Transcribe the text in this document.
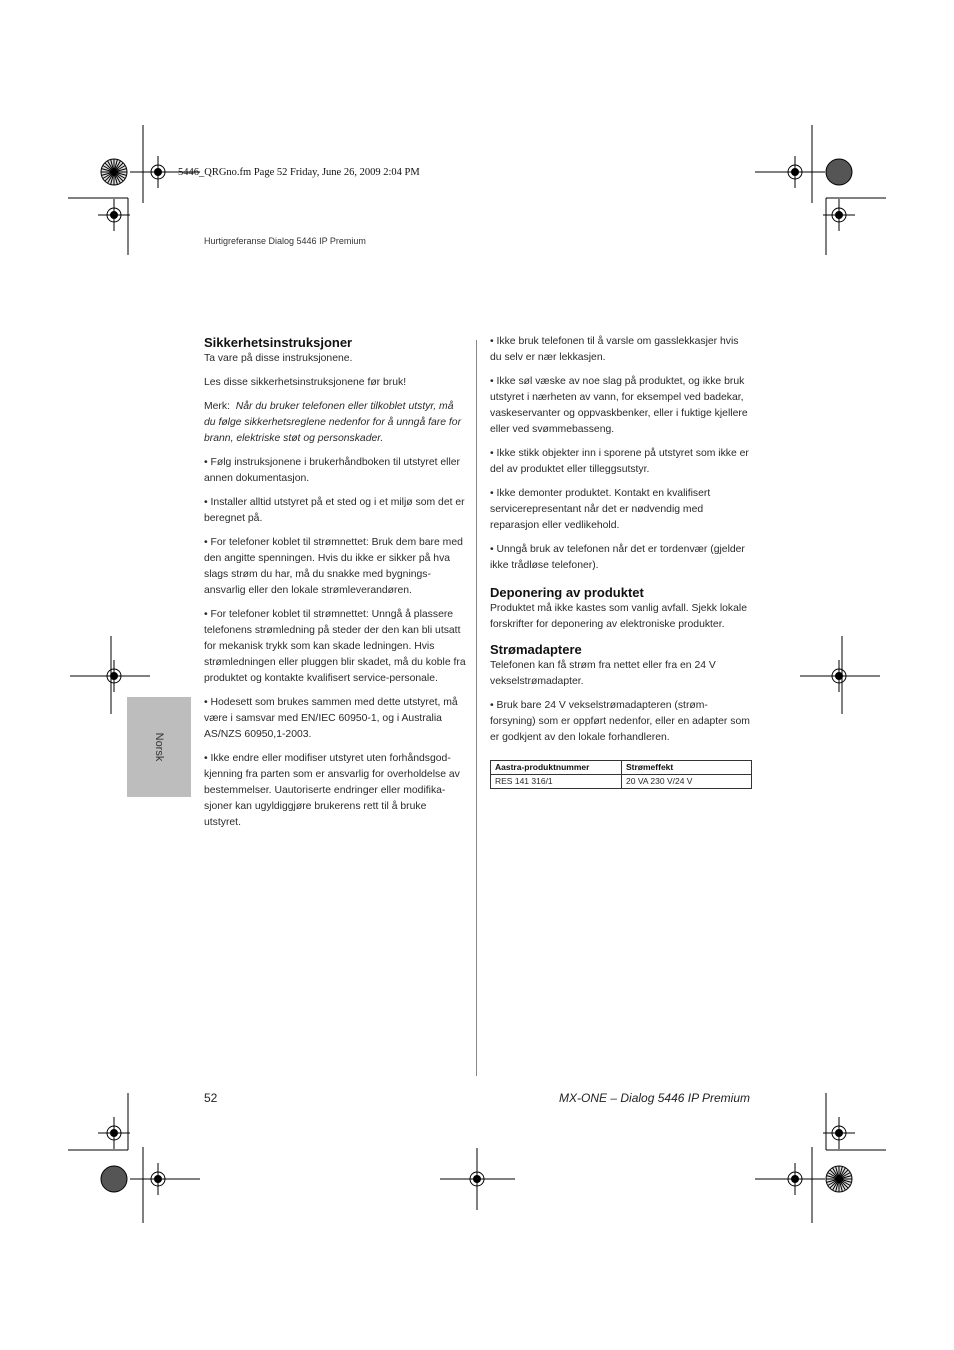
5446_QRGno.fm Page 52 Friday, June 26, 2009 2:04 PM
Hurtigreferanse Dialog 5446 IP Premium
Norsk
Sikkerhetsinstruksjoner

Ta vare på disse instruksjonene.

Les disse sikkerhetsinstruksjonene før bruk!

Merk: Når du bruker telefonen eller tilkoblet utstyr, må du følge sikkerhetsreglene nedenfor for å unngå fare for brann, elektriske støt og personskader.

• Følg instruksjonene i brukerhåndboken til utstyret eller annen dokumentasjon.

• Installer alltid utstyret på et sted og i et miljø som det er beregnet på.

• For telefoner koblet til strømnettet: Bruk dem bare med den angitte spenningen. Hvis du ikke er sikker på hva slags strøm du har, må du snakke med bygnings-ansvarlig eller den lokale strømleverandøren.

• For telefoner koblet til strømnettet: Unngå å plassere telefonens strømledning på steder der den kan bli utsatt for mekanisk trykk som kan skade ledningen. Hvis strømledningen eller pluggen blir skadet, må du koble fra produktet og kontakte kvalifisert service-personale.

• Hodesett som brukes sammen med dette utstyret, må være i samsvar med EN/IEC 60950-1, og i Australia AS/NZS 60950,1-2003.

• Ikke endre eller modifiser utstyret uten forhåndsgod-kjenning fra parten som er ansvarlig for overholdelse av bestemmelser. Uautoriserte endringer eller modifika-sjoner kan ugyldiggjøre brukerens rett til å bruke utstyret.

• Ikke bruk telefonen til å varsle om gasslekkasjer hvis du selv er nær lekkasjen.

• Ikke søl væske av noe slag på produktet, og ikke bruk utstyret i nærheten av vann, for eksempel ved badekar, vaskeservanter og oppvaskbenker, eller i fuktige kjellere eller ved svømmebasseng.

• Ikke stikk objekter inn i sporene på utstyret som ikke er del av produktet eller tilleggsutstyr.

• Ikke demonter produktet. Kontakt en kvalifisert servicerepresentant når det er nødvendig med reparasjon eller vedlikehold.

• Unngå bruk av telefonen når det er tordenvær (gjelder ikke trådløse telefoner).

Deponering av produktet

Produktet må ikke kastes som vanlig avfall. Sjekk lokale forskrifter for deponering av elektroniske produkter.

Strømadaptere

Telefonen kan få strøm fra nettet eller fra en 24 V vekselstrømadapter.

• Bruk bare 24 V vekselstrømadapteren (strøm-forsyning) som er oppført nedenfor, eller en adapter som er godkjent av den lokale forhandleren.

Aastra-produktnummer	Strømeffekt
RES 141 316/1	20 VA 230 V/24 V
52	MX-ONE – Dialog 5446 IP Premium
